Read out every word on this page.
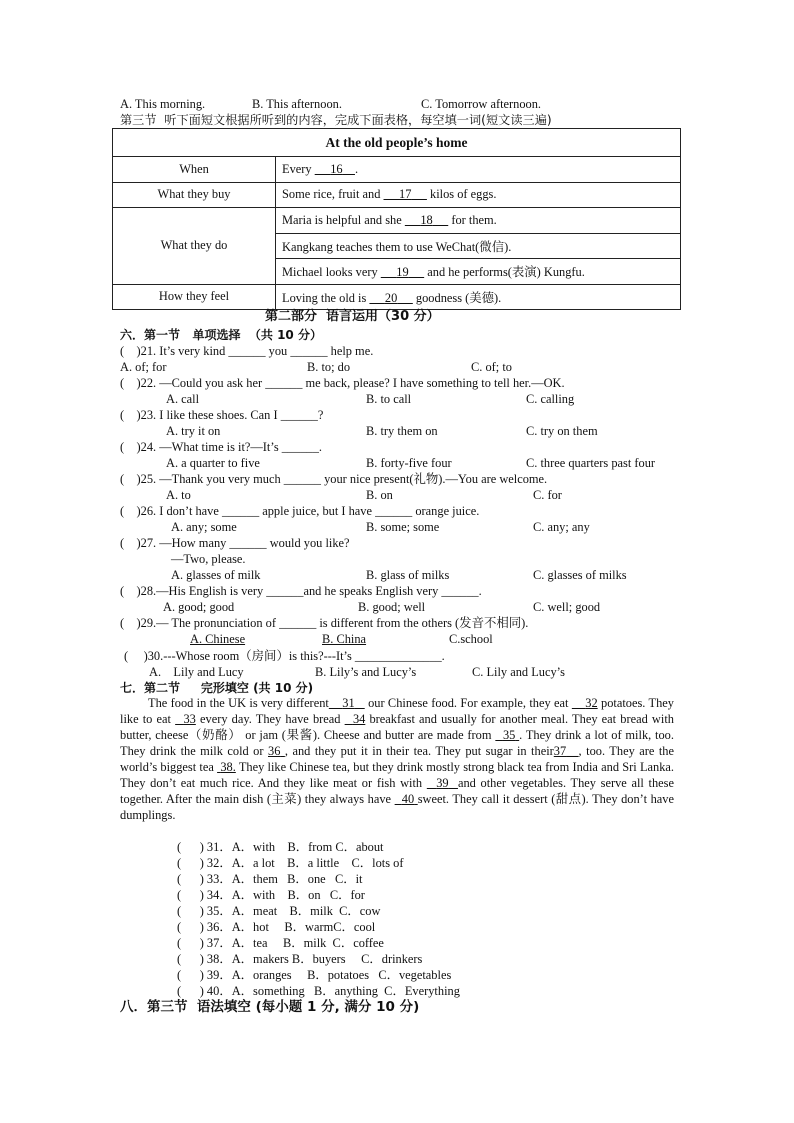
A. This morning.	B. This afternoon.	C. Tomorrow afternoon.
第三节  听下面短文根据所听到的内容，完成下面表格，每空填一词(短文读三遍)
At the old people’s home	
When	Every      16 .
What they buy	Some rice, fruit and      17      kilos of eggs.
What they do	Maria is helpful and she      18      for them.
	Kangkang teaches them to use WeChat(微信).
	Michael looks very      19      and he performs(表演) Kungfu.
How they feel	Loving the old is      20      goodness (美德).
第二部分  语言运用（30 分）
六．第一节   单项选择  （共 10 分）
(    )21. It’s very kind ______ you ______ help me.
A. of; for	B. to; do	C. of; to
(    )22. —Could you ask her ______ me back, please? I have something to tell her.—OK.
A. call	B. to call	C. calling
(    )23. I like these shoes. Can I ______?
A. try it on	B. try them on	C. try on them
(    )24. —What time is it?—It’s ______.
A. a quarter to five	B. forty-five four	C. three quarters past four
(    )25. —Thank you very much ______ your nice present(礼物).—You are welcome.
A. to	B. on	C. for
(    )26. I don’t have ______ apple juice, but I have ______ orange juice.
A. any; some	B. some; some	C. any; any
(    )27. —How many ______ would you like?
—Two, please.
A. glasses of milk	B. glass of milks	C. glasses of milks
(    )28.—His English is very ______and he speaks English very ______.
A. good; good	B. good; well	C. well; good
(    )29.— The pronunciation of ______ is different from the others (发音不相同).
A. Chinese	B. China	C.school
(     )30.---Whose room（房间）is this?---It’s ______________.
A.    Lily and Lucy	B. Lily’s and Lucy’s	C. Lily and Lucy’s
七．第二节     完形填空 (共 10 分)
The food in the UK is very different 31 our Chinese food. For example, they eat 32 potatoes. They like to eat 33 every day. They have bread 34 breakfast and usually for another meal. They eat bread with butter, cheese（奶酪） or jam (果酱). Cheese and butter are made from 35 . They drink a lot of milk, too. They drink the milk cold or 36 , and they put it in their tea. They put sugar in their37__, too. They are the world’s biggest tea 38. They like Chinese tea, but they drink mostly strong black tea from India and Sri Lanka. They don’t eat much rice. And they like meat or fish with 39 and other vegetables. They serve all these together. After the main dish (主菜) they always have 40 sweet. They call it dessert (甜点). They don’t have dumplings.
(      ) 31．A．with    B．from C．about
(      ) 32．A．a lot    B．a little    C．lots of
(      ) 33．A．them   B．one   C．it
(      ) 34．A．with    B．on   C．for
(      ) 35．A．meat    B．milk  C．cow
(      ) 36．A．hot     B．warmC．cool
(      ) 37．A．tea     B．milk  C．coffee
(      ) 38．A．makers B．buyers     C．drinkers
(      ) 39．A．oranges     B．potatoes   C．vegetables
(      ) 40．A．something   B．anything  C．Everything
八．第三节  语法填空 (每小题 1 分, 满分 10 分)
